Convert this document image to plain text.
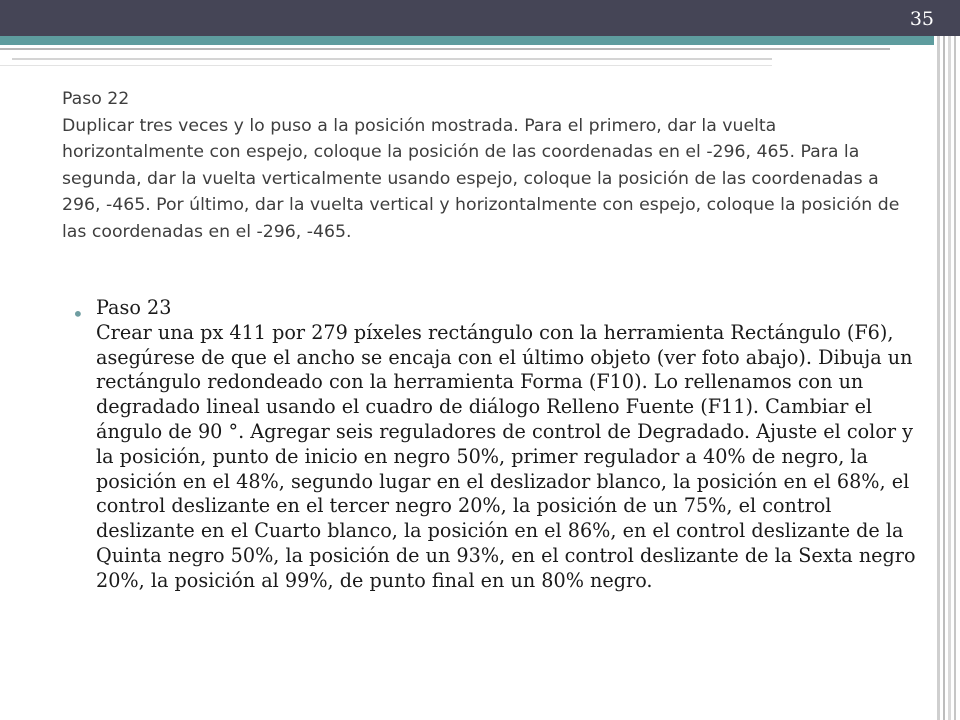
35

Paso 22

Duplicar tres veces y lo puso a la posición mostrada. Para el primero, dar la vuelta horizontalmente con espejo, coloque la posición de las coordenadas en el -296, 465. Para la segunda, dar la vuelta verticalmente usando espejo, coloque la posición de las coordenadas a 296, -465. Por último, dar la vuelta vertical y horizontalmente con espejo, coloque la posición de las coordenadas en el -296, -465.

• Paso 23

Crear una px 411 por 279 píxeles rectángulo con la herramienta Rectángulo (F6), asegúrese de que el ancho se encaja con el último objeto (ver foto abajo). Dibuja un rectángulo redondeado con la herramienta Forma (F10). Lo rellenamos con un degradado lineal usando el cuadro de diálogo Relleno Fuente (F11). Cambiar el ángulo de 90 °. Agregar seis reguladores de control de Degradado. Ajuste el color y la posición, punto de inicio en negro 50%, primer regulador a 40% de negro, la posición en el 48%, segundo lugar en el deslizador blanco, la posición en el 68%, el control deslizante en el tercer negro 20%, la posición de un 75%, el control deslizante en el Cuarto blanco, la posición en el 86%, en el control deslizante de la Quinta negro 50%, la posición de un 93%, en el control deslizante de la Sexta negro 20%, la posición al 99%, de punto final en un 80% negro.
